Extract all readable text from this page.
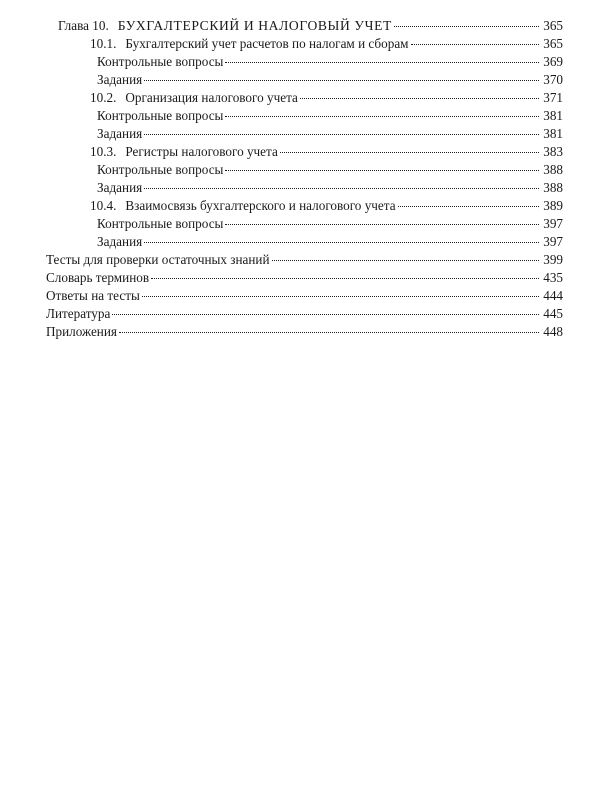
Глава 10. БУХГАЛТЕРСКИЙ И НАЛОГОВЫЙ УЧЕТ	365
10.1. Бухгалтерский учет расчетов по налогам и сборам	365
Контрольные вопросы	369
Задания	370
10.2. Организация налогового учета	371
Контрольные вопросы	381
Задания	381
10.3. Регистры налогового учета	383
Контрольные вопросы	388
Задания	388
10.4. Взаимосвязь бухгалтерского и налогового учета	389
Контрольные вопросы	397
Задания	397
Тесты для проверки остаточных знаний	399
Словарь терминов	435
Ответы на тесты	444
Литература	445
Приложения	448
